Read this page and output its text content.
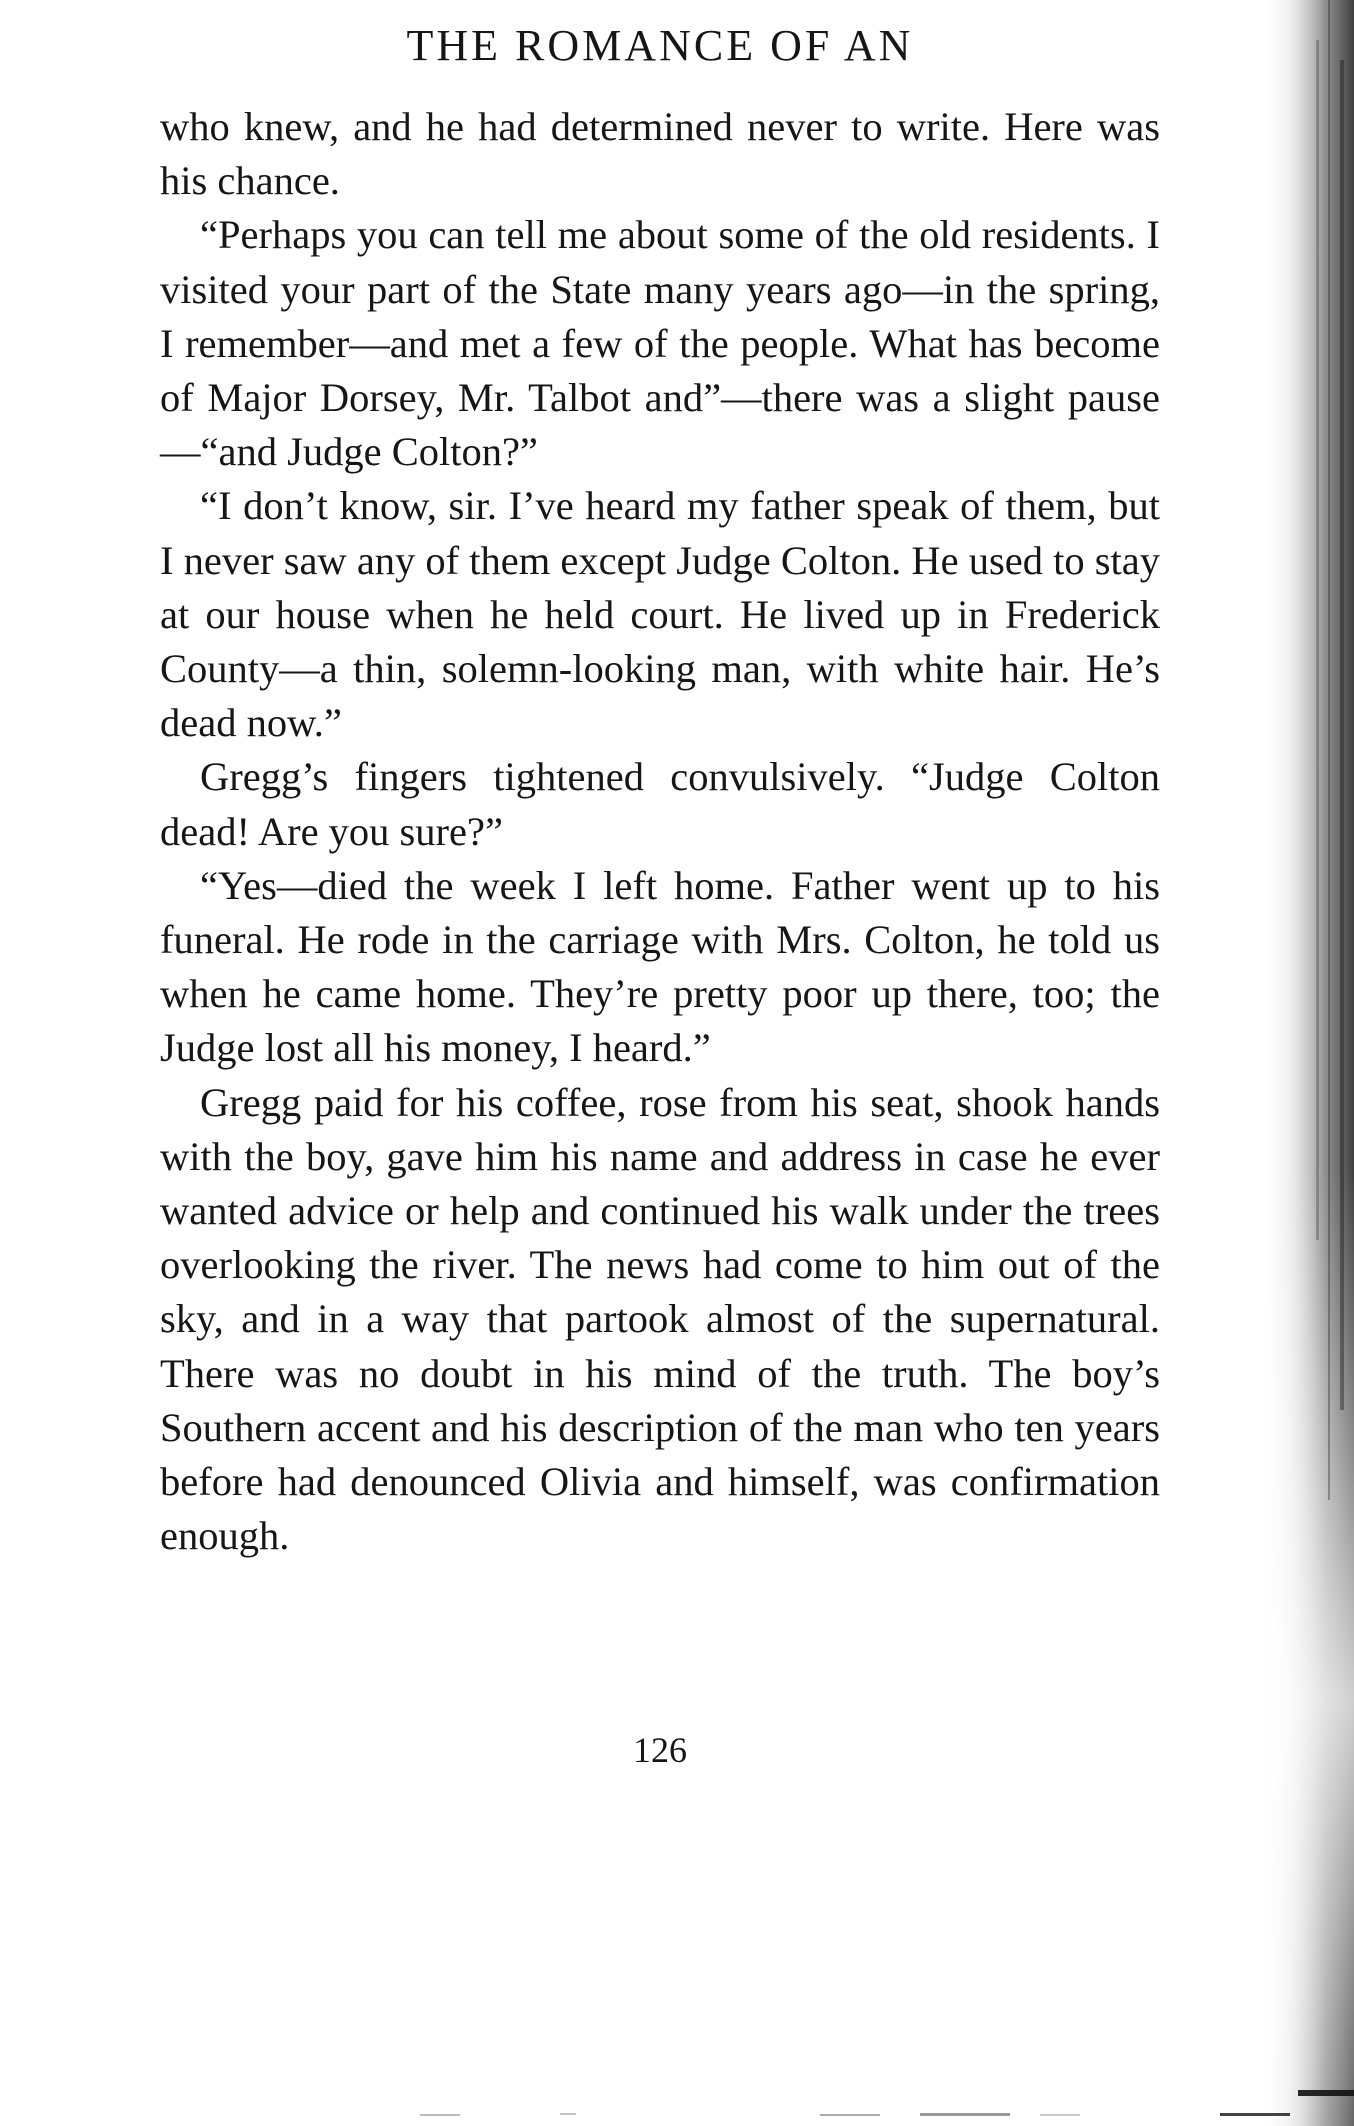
THE ROMANCE OF AN

who knew, and he had determined never to write. Here was his chance.

“Perhaps you can tell me about some of the old residents. I visited your part of the State many years ago—in the spring, I remember—and met a few of the people. What has become of Major Dorsey, Mr. Talbot and”—there was a slight pause—“and Judge Colton?”

“I don’t know, sir. I’ve heard my father speak of them, but I never saw any of them except Judge Colton. He used to stay at our house when he held court. He lived up in Frederick County—a thin, solemn-looking man, with white hair. He’s dead now.”

Gregg’s fingers tightened convulsively. “Judge Colton dead! Are you sure?”

“Yes—died the week I left home. Father went up to his funeral. He rode in the carriage with Mrs. Colton, he told us when he came home. They’re pretty poor up there, too; the Judge lost all his money, I heard.”

Gregg paid for his coffee, rose from his seat, shook hands with the boy, gave him his name and address in case he ever wanted advice or help and continued his walk under the trees overlooking the river. The news had come to him out of the sky, and in a way that partook almost of the supernatural. There was no doubt in his mind of the truth. The boy’s Southern accent and his description of the man who ten years before had denounced Olivia and himself, was confirmation enough.

126
